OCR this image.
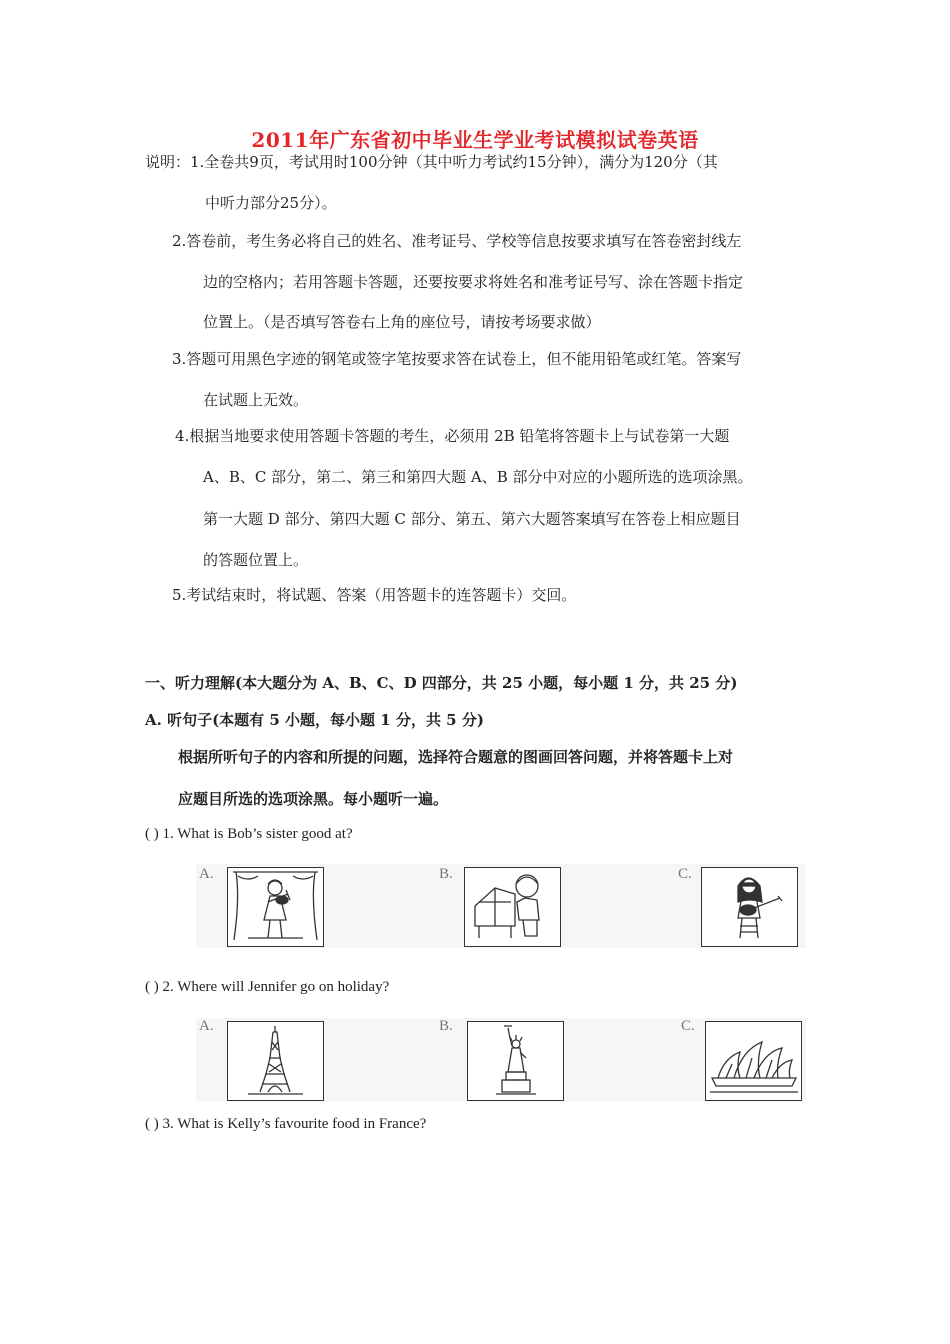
2011年广东省初中毕业生学业考试模拟试卷英语
说明：1.全卷共9页，考试用时100分钟（其中听力考试约15分钟），满分为120分（其
中听力部分25分）。
2.答卷前，考生务必将自己的姓名、准考证号、学校等信息按要求填写在答卷密封线左
边的空格内；若用答题卡答题，还要按要求将姓名和准考证号写、涂在答题卡指定
位置上。（是否填写答卷右上角的座位号，请按考场要求做）
3.答题可用黑色字迹的钢笔或签字笔按要求答在试卷上，但不能用铅笔或红笔。答案写
在试题上无效。
4.根据当地要求使用答题卡答题的考生，必须用 2B 铅笔将答题卡上与试卷第一大题
A、B、C 部分，第二、第三和第四大题 A、B 部分中对应的小题所选的选项涂黑。
第一大题 D 部分、第四大题 C 部分、第五、第六大题答案填写在答卷上相应题目
的答题位置上。
5.考试结束时，将试题、答案（用答题卡的连答题卡）交回。
一、听力理解(本大题分为 A、B、C、D 四部分，共 25 小题，每小题 1 分，共 25 分)
A. 听句子(本题有 5 小题，每小题 1 分，共 5 分)
根据所听句子的内容和所提的问题，选择符合题意的图画回答问题，并将答题卡上对
应题目所选的选项涂黑。每小题听一遍。
( ) 1. What is Bob’s sister good at?
A.	B.	C.
( ) 2. Where will Jennifer go on holiday?
A.	B.	C.
( ) 3. What is Kelly’s favourite food in France?
